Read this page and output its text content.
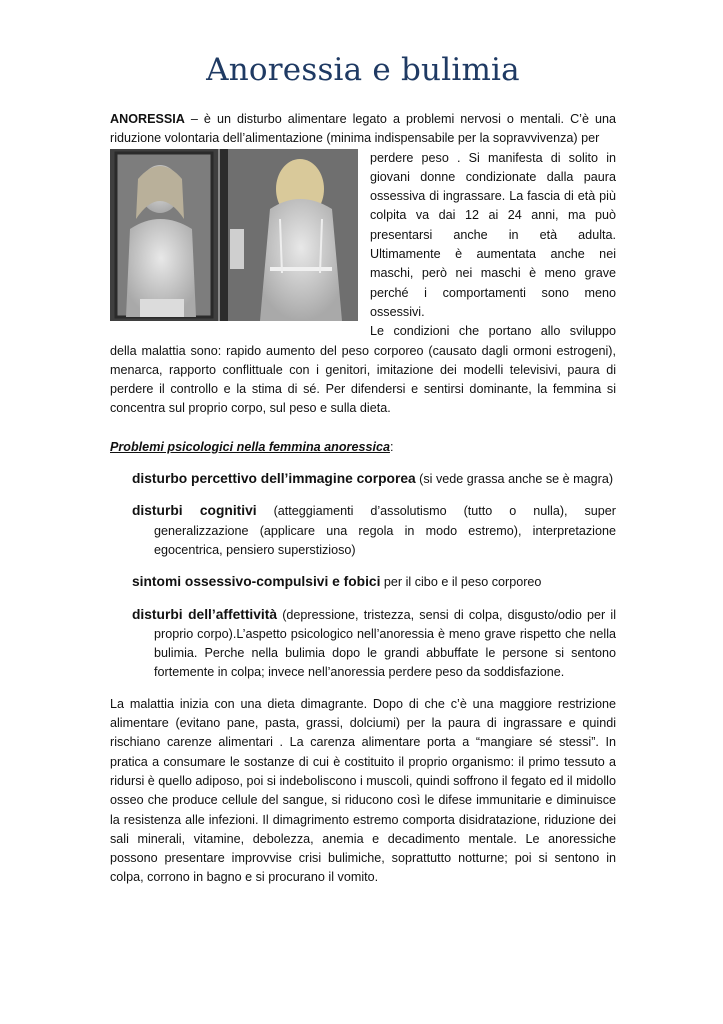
Anoressia e bulimia

ANORESSIA – è un disturbo alimentare legato a problemi nervosi o mentali. C’è una riduzione volontaria dell’alimentazione (minima indispensabile per la sopravvivenza) per

perdere peso . Si manifesta di solito in giovani donne condizionate dalla paura ossessiva di ingrassare. La fascia di età più colpita va dai 12 ai 24 anni, ma può presentarsi anche in età adulta. Ultimamente è aumentata anche nei maschi, però nei maschi è meno grave perché i comportamenti sono meno ossessivi.

Le condizioni che portano allo sviluppo della malattia sono: rapido aumento del peso corporeo (causato dagli ormoni estrogeni), menarca, rapporto conflittuale con i genitori, imitazione dei modelli televisivi, paura di perdere il controllo e la stima di sé. Per difendersi e sentirsi dominante, la femmina si concentra sul proprio corpo, sul peso e sulla dieta.

Problemi psicologici nella femmina anoressica:

disturbo percettivo dell’immagine corporea (si vede grassa anche se è magra)
disturbi cognitivi (atteggiamenti d’assolutismo (tutto o nulla), super generalizzazione (applicare una regola in modo estremo), interpretazione egocentrica, pensiero superstizioso)
sintomi ossessivo-compulsivi e fobici per il cibo e il peso corporeo
disturbi dell’affettività (depressione, tristezza, sensi di colpa, disgusto/odio per il proprio corpo).L’aspetto psicologico nell’anoressia è meno grave rispetto che nella bulimia. Perche nella bulimia dopo le grandi abbuffate le persone si sentono fortemente in colpa; invece nell’anoressia perdere peso da soddisfazione.

La malattia inizia con una dieta dimagrante. Dopo di che c’è una maggiore restrizione alimentare (evitano pane, pasta, grassi, dolciumi) per la paura di ingrassare e quindi rischiano carenze alimentari . La carenza alimentare porta a “mangiare sé stessi”. In pratica a consumare le sostanze di cui è costituito il proprio organismo: il primo tessuto a ridursi è quello adiposo, poi si indeboliscono i muscoli, quindi soffrono il fegato ed il midollo osseo che produce cellule del sangue, si riducono così le difese immunitarie e diminuisce la resistenza alle infezioni. Il dimagrimento estremo comporta disidratazione, riduzione dei sali minerali, vitamine, debolezza, anemia e decadimento mentale. Le anoressiche possono presentare improvvise crisi bulimiche, soprattutto notturne; poi si sentono in colpa, corrono in bagno e si procurano il vomito.
